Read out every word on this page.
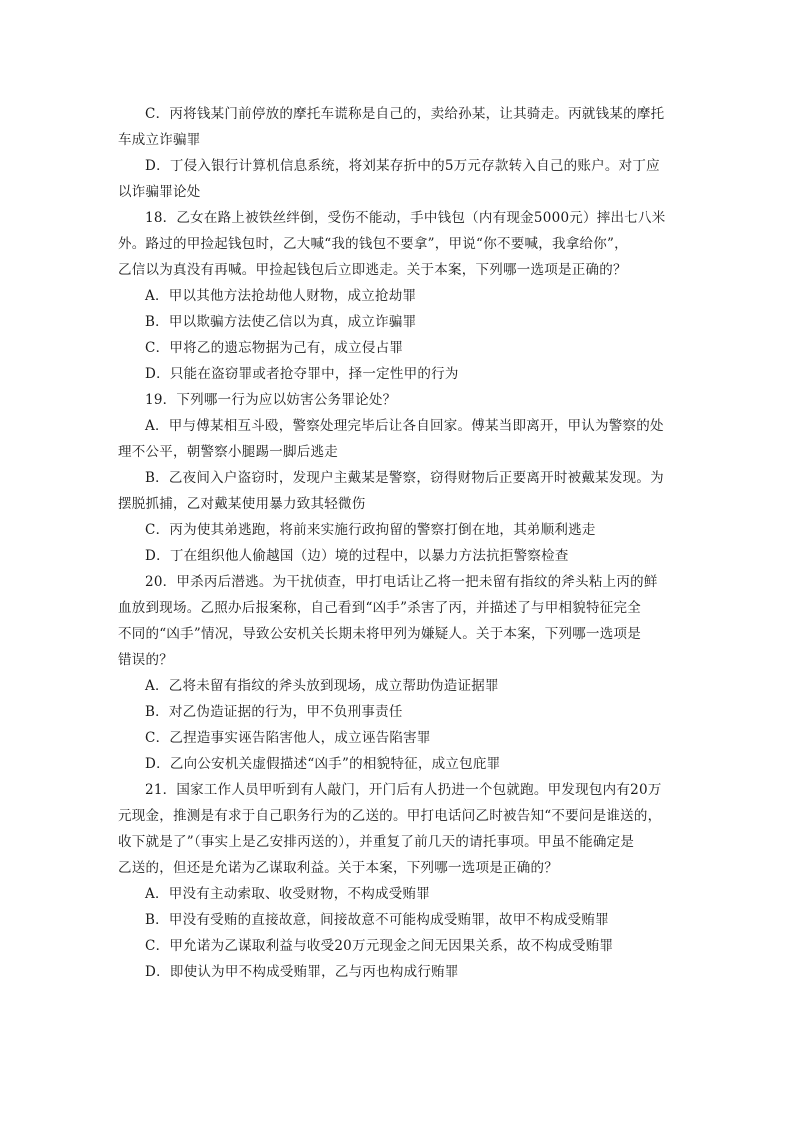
C．丙将钱某门前停放的摩托车谎称是自己的，卖给孙某，让其骑走。丙就钱某的摩托
车成立诈骗罪
D．丁侵入银行计算机信息系统，将刘某存折中的5万元存款转入自己的账户。对丁应
以诈骗罪论处
18．乙女在路上被铁丝绊倒，受伤不能动，手中钱包（内有现金5000元）摔出七八米
外。路过的甲捡起钱包时，乙大喊“我的钱包不要拿”，甲说“你不要喊，我拿给你”，
乙信以为真没有再喊。甲捡起钱包后立即逃走。关于本案，下列哪一选项是正确的？
A．甲以其他方法抢劫他人财物，成立抢劫罪
B．甲以欺骗方法使乙信以为真，成立诈骗罪
C．甲将乙的遗忘物据为己有，成立侵占罪
D．只能在盗窃罪或者抢夺罪中，择一定性甲的行为
19．下列哪一行为应以妨害公务罪论处？
A．甲与傅某相互斗殴，警察处理完毕后让各自回家。傅某当即离开，甲认为警察的处
理不公平，朝警察小腿踢一脚后逃走
B．乙夜间入户盗窃时，发现户主戴某是警察，窃得财物后正要离开时被戴某发现。为
摆脱抓捕，乙对戴某使用暴力致其轻微伤
C．丙为使其弟逃跑，将前来实施行政拘留的警察打倒在地，其弟顺利逃走
D．丁在组织他人偷越国（边）境的过程中，以暴力方法抗拒警察检查
20．甲杀丙后潜逃。为干扰侦查，甲打电话让乙将一把未留有指纹的斧头粘上丙的鲜
血放到现场。乙照办后报案称，自己看到“凶手”杀害了丙，并描述了与甲相貌特征完全
不同的“凶手”情况，导致公安机关长期未将甲列为嫌疑人。关于本案，下列哪一选项是
错误的？
A．乙将未留有指纹的斧头放到现场，成立帮助伪造证据罪
B．对乙伪造证据的行为，甲不负刑事责任
C．乙捏造事实诬告陷害他人，成立诬告陷害罪
D．乙向公安机关虚假描述“凶手”的相貌特征，成立包庇罪
21．国家工作人员甲听到有人敲门，开门后有人扔进一个包就跑。甲发现包内有20万
元现金，推测是有求于自己职务行为的乙送的。甲打电话问乙时被告知“不要问是谁送的，
收下就是了”（事实上是乙安排丙送的），并重复了前几天的请托事项。甲虽不能确定是
乙送的，但还是允诺为乙谋取利益。关于本案，下列哪一选项是正确的？
A．甲没有主动索取、收受财物，不构成受贿罪
B．甲没有受贿的直接故意，间接故意不可能构成受贿罪，故甲不构成受贿罪
C．甲允诺为乙谋取利益与收受20万元现金之间无因果关系，故不构成受贿罪
D．即使认为甲不构成受贿罪，乙与丙也构成行贿罪
